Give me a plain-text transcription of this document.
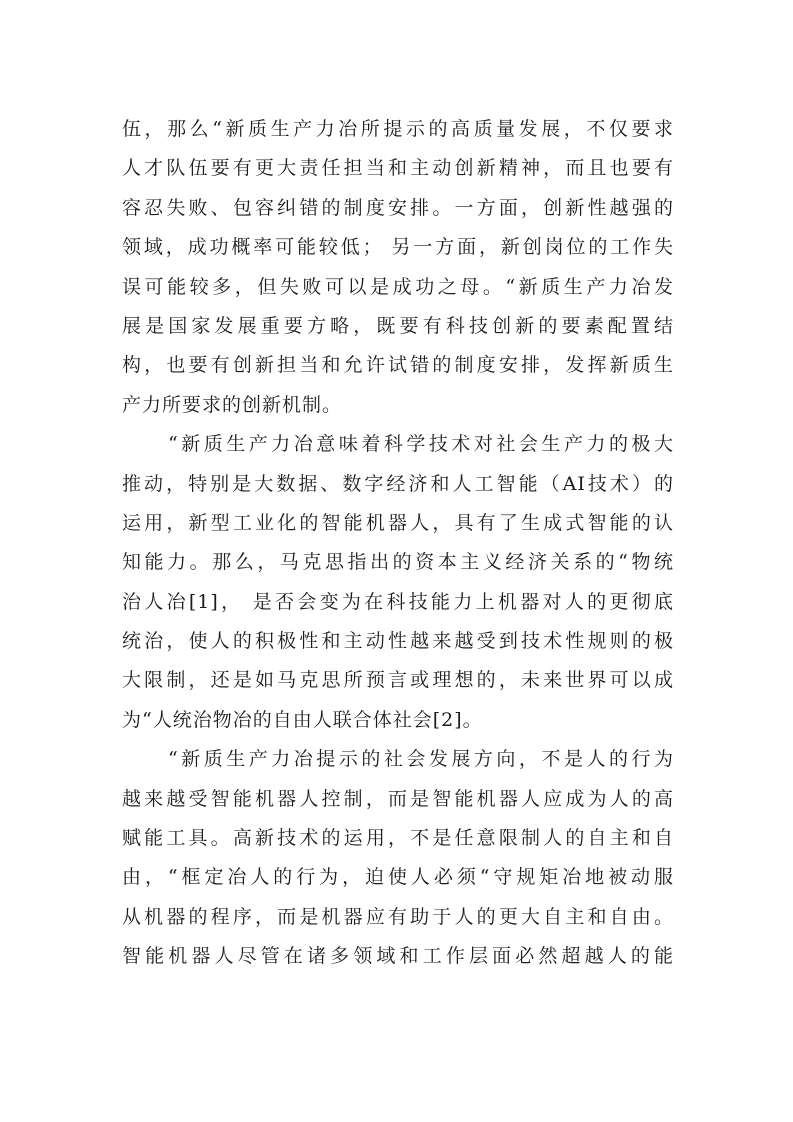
伍，那么“新质生产力冶所提示的高质量发展，不仅要求
人才队伍要有更大责任担当和主动创新精神，而且也要有
容忍失败、包容纠错的制度安排。一方面，创新性越强的
领域，成功概率可能较低； 另一方面，新创岗位的工作失
误可能较多，但失败可以是成功之母。“新质生产力冶发
展是国家发展重要方略，既要有科技创新的要素配置结
构，也要有创新担当和允许试错的制度安排，发挥新质生
产力所要求的创新机制。
“新质生产力冶意味着科学技术对社会生产力的极大
推动，特别是大数据、数字经济和人工智能（AI技术）的
运用，新型工业化的智能机器人，具有了生成式智能的认
知能力。那么，马克思指出的资本主义经济关系的“物统
治人冶[1]， 是否会变为在科技能力上机器对人的更彻底
统治，使人的积极性和主动性越来越受到技术性规则的极
大限制，还是如马克思所预言或理想的，未来世界可以成
为“人统治物冶的自由人联合体社会[2]。
“新质生产力冶提示的社会发展方向，不是人的行为
越来越受智能机器人控制，而是智能机器人应成为人的高
赋能工具。高新技术的运用，不是任意限制人的自主和自
由，“框定冶人的行为，迫使人必须“守规矩冶地被动服
从机器的程序，而是机器应有助于人的更大自主和自由。
智能机器人尽管在诸多领域和工作层面必然超越人的能
